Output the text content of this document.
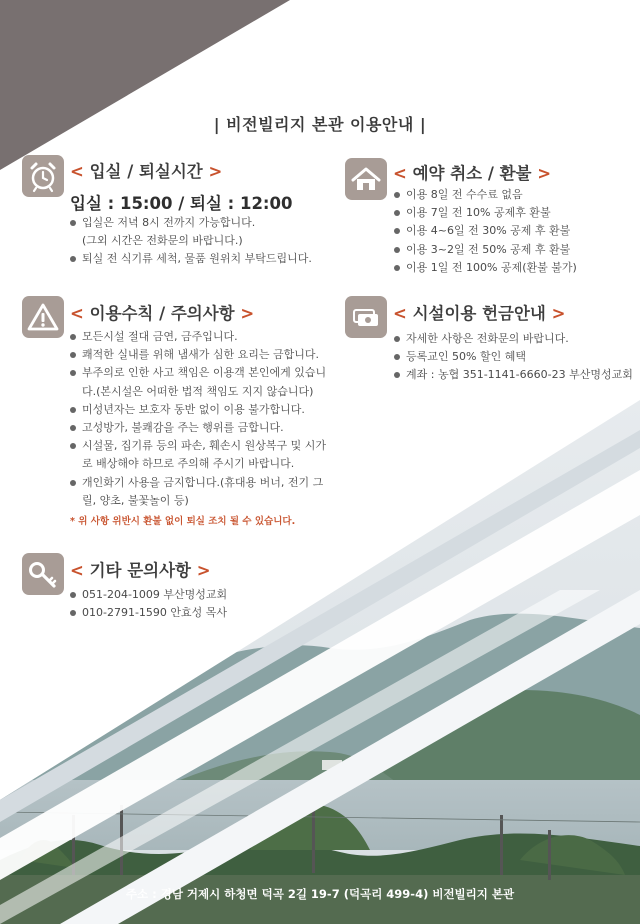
| 비전빌리지 본관 이용안내 |
< 입실 / 퇴실시간 >
입실 : 15:00 / 퇴실 : 12:00
입실은 저녁 8시 전까지 가능합니다.
(그외 시간은 전화문의 바랍니다.)
퇴실 전 식기류 세척, 물품 원위치 부탁드립니다.
< 예약 취소 / 환불 >
이용 8일 전 수수료 없음
이용 7일 전 10% 공제후 환불
이용 4~6일 전 30% 공제 후 환불
이용 3~2일 전 50% 공제 후 환불
이용 1일 전 100% 공제(환불 불가)
< 이용수칙 / 주의사항 >
모든시설 절대 금연, 금주입니다.
쾌적한 실내를 위해 냄새가 심한 요리는 금합니다.
부주의로 인한 사고 책임은 이용객 본인에게 있습니
다.(본시설은 어떠한 법적 책임도 지지 않습니다)
미성년자는 보호자 동반 없이 이용 불가합니다.
고성방가, 불쾌감을 주는 행위를 금합니다.
시설물, 집기류 등의 파손, 훼손시 원상복구 및 시가
로 배상해야 하므로 주의해 주시기 바랍니다.
개인화기 사용을 금지합니다.(휴대용 버너, 전기 그
릴, 양초, 불꽃놀이 등)
* 위 사항 위반시 환불 없이 퇴실 조치 될 수 있습니다.
< 시설이용 헌금안내 >
자세한 사항은 전화문의 바랍니다.
등록교인 50% 할인 혜택
계좌 : 농협 351-1141-6660-23 부산명성교회
< 기타 문의사항 >
051-204-1009 부산명성교회
010-2791-1590 안효성 목사
주소 : 경남 거제시 하청면 덕곡 2길 19-7 (덕곡리 499-4) 비전빌리지 본관
